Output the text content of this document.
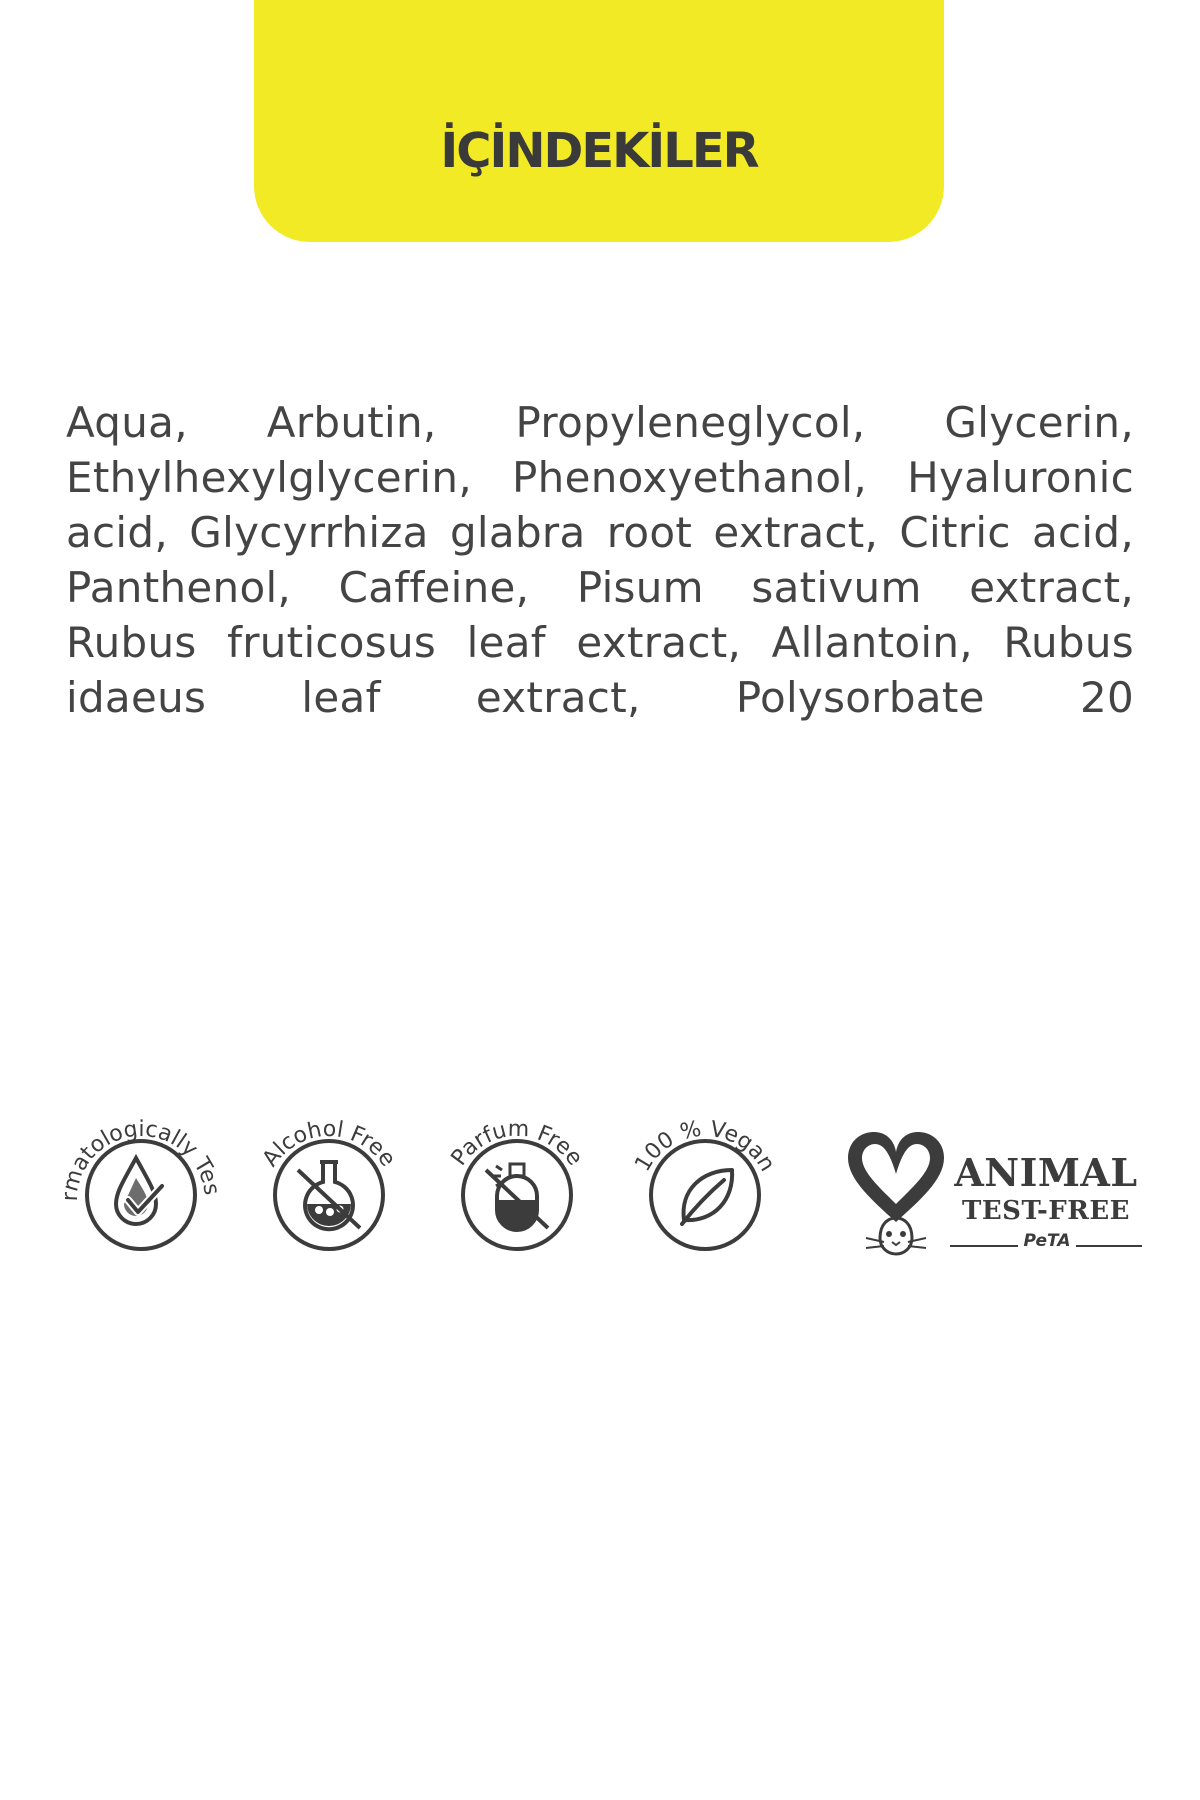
İÇİNDEKİLER

Aqua, Arbutin, Propyleneglycol, Glycerin, Ethylhexylglycerin, Phenoxyethanol, Hyaluronic acid, Glycyrrhiza glabra root extract, Citric acid, Panthenol, Caffeine, Pisum sativum extract, Rubus fruticosus leaf extract, Allantoin, Rubus idaeus leaf extract, Polysorbate 20

Dermatologically Tested
Alcohol Free Parfum Free 100 % Vegan	ANIMAL
TEST-FREE
PeTA
